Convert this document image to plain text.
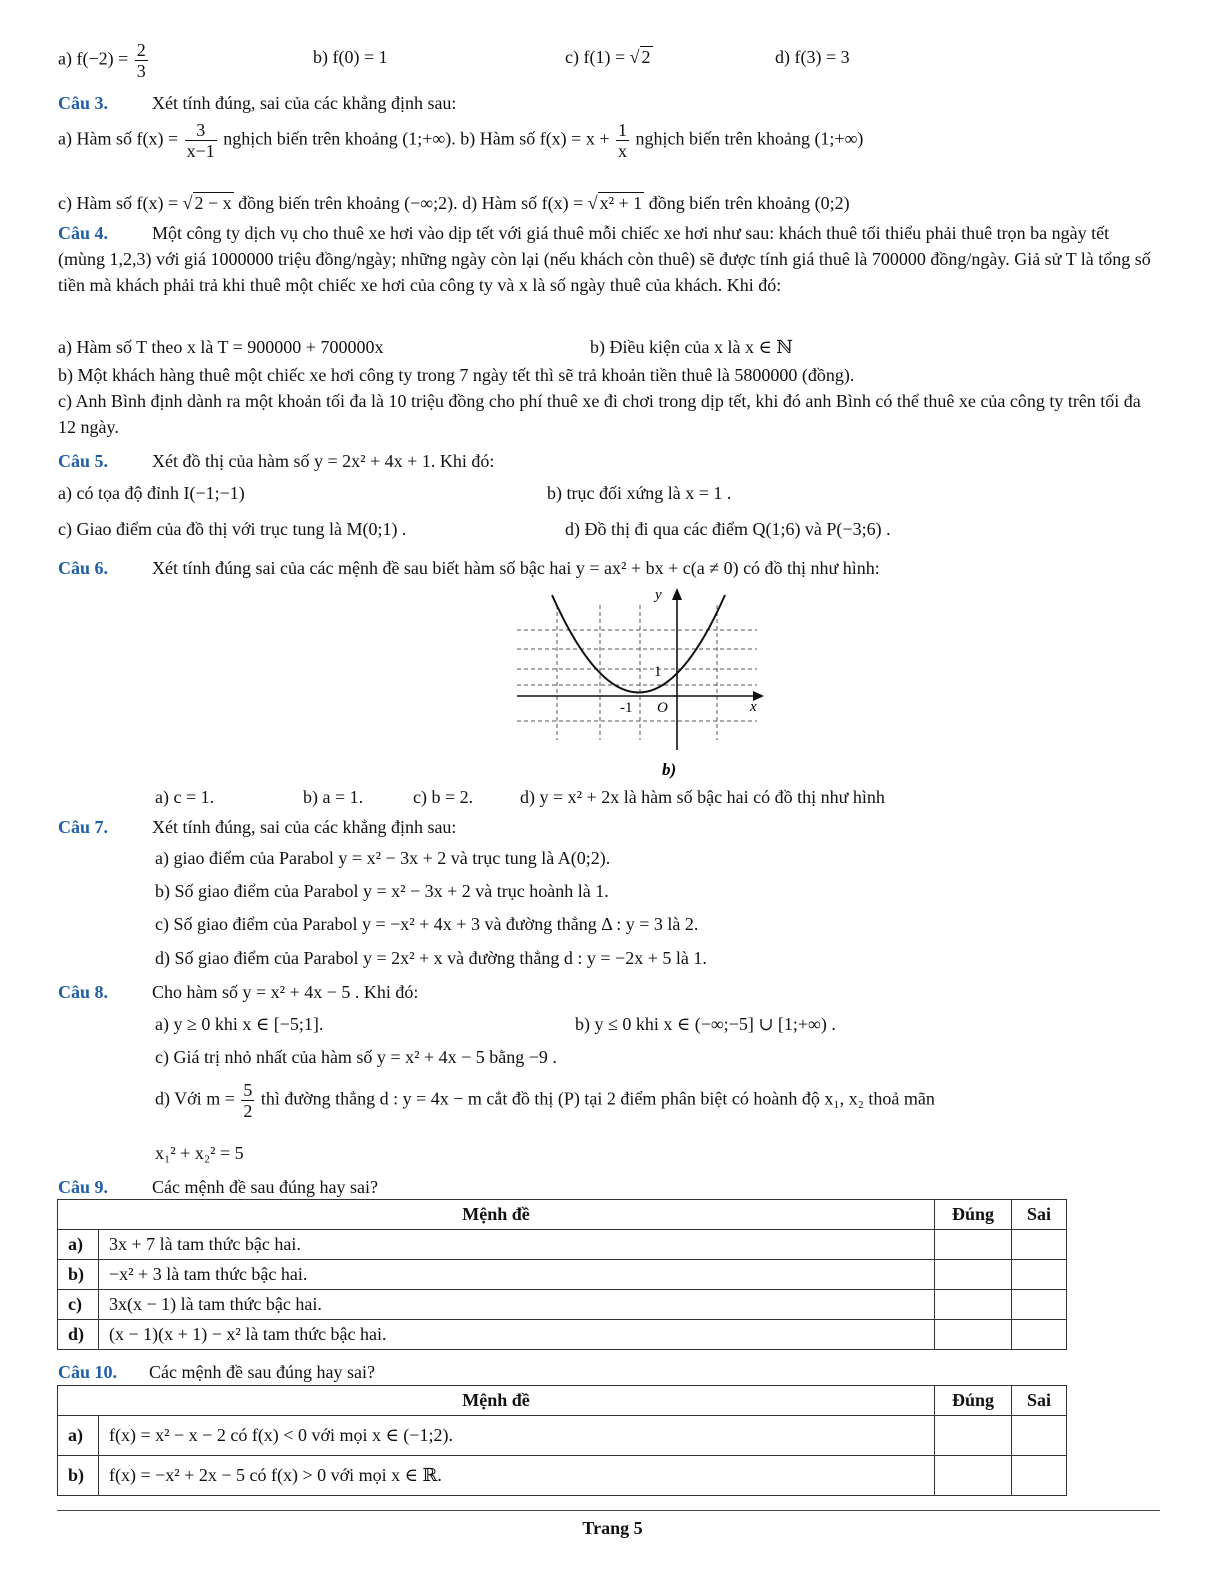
a) $f(-2) = \frac{2}{3}$	b) f(0) = 1	c) f(1) = √ 2	d) f(3) = 3
Câu 3. Xét tính đúng, sai của các khẳng định sau:
a) Hàm số $f(x) = \frac{3}{x-1}$ nghịch biến trên khoảng (1;+∞). b) Hàm số $f(x) = x + \frac{1}{x}$ nghịch biến trên khoảng (1;+∞)
c) Hàm số f(x) = √ 2 − x đồng biến trên khoảng (−∞;2). d) Hàm số f(x) = √ x² + 1 đồng biến trên khoảng (0;2)
Câu 4. Một công ty dịch vụ cho thuê xe hơi vào dịp tết với giá thuê mỗi chiếc xe hơi như sau: khách thuê tối thiểu phải thuê trọn ba ngày tết (mùng 1,2,3) với giá 1000000 triệu đồng/ngày; những ngày còn lại (nếu khách còn thuê) sẽ được tính giá thuê là 700000 đồng/ngày. Giả sử T là tổng số tiền mà khách phải trả khi thuê một chiếc xe hơi của công ty và x là số ngày thuê của khách. Khi đó:
a) Hàm số T theo x là T = 900000 + 700000x	b) Điều kiện của x là x ∈ ℕ
b) Một khách hàng thuê một chiếc xe hơi công ty trong 7 ngày tết thì sẽ trả khoản tiền thuê là 5800000 (đồng).
c) Anh Bình định dành ra một khoản tối đa là 10 triệu đồng cho phí thuê xe đi chơi trong dịp tết, khi đó anh Bình có thể thuê xe của công ty trên tối đa 12 ngày.
Câu 5. Xét đồ thị của hàm số y = 2x² + 4x + 1. Khi đó:
a) có tọa độ đỉnh I(−1;−1)	b) trục đối xứng là x = 1 .
c) Giao điểm của đồ thị với trục tung là M(0;1) .	d) Đồ thị đi qua các điểm Q(1;6) và P(−3;6) .
Câu 6. Xét tính đúng sai của các mệnh đề sau biết hàm số bậc hai y = ax² + bx + c(a ≠ 0) có đồ thị như hình:
y
x
1
-1 O
b)
a) c = 1.	b) a = 1.	c) b = 2.	d) y = x² + 2x là hàm số bậc hai có đồ thị như hình
Câu 7. Xét tính đúng, sai của các khẳng định sau:
a) giao điểm của Parabol y = x² − 3x + 2 và trục tung là A(0;2).
b) Số giao điểm của Parabol y = x² − 3x + 2 và trục hoành là 1.
c) Số giao điểm của Parabol y = −x² + 4x + 3 và đường thẳng Δ : y = 3 là 2.
d) Số giao điểm của Parabol y = 2x² + x và đường thẳng d : y = −2x + 5 là 1.
Câu 8. Cho hàm số y = x² + 4x − 5 . Khi đó:
a) y ≥ 0 khi x ∈ [−5;1].	b) y ≤ 0 khi x ∈ (−∞;−5] ∪ [1;+∞) .
c) Giá trị nhỏ nhất của hàm số y = x² + 4x − 5 bằng −9 .
d) Với $m = \frac{5}{2}$ thì đường thẳng d : y = 4x − m cắt đồ thị (P) tại 2 điểm phân biệt có hoành độ x₁, x₂ thoả mãn
x₁² + x₂² = 5
Câu 9. Các mệnh đề sau đúng hay sai?
Mệnh đề		Đúng	Sai
a)	3x + 7 là tam thức bậc hai.		
b)	−x² + 3 là tam thức bậc hai.		
c)	3x(x − 1) là tam thức bậc hai.		
d)	(x − 1)(x + 1) − x² là tam thức bậc hai.		
Câu 10. Các mệnh đề sau đúng hay sai?
Mệnh đề		Đúng	Sai
a)	f(x) = x² − x − 2 có f(x) < 0 với mọi x ∈ (−1;2).		
b)	f(x) = −x² + 2x − 5 có f(x) > 0 với mọi x ∈ ℝ.		
Trang 5
